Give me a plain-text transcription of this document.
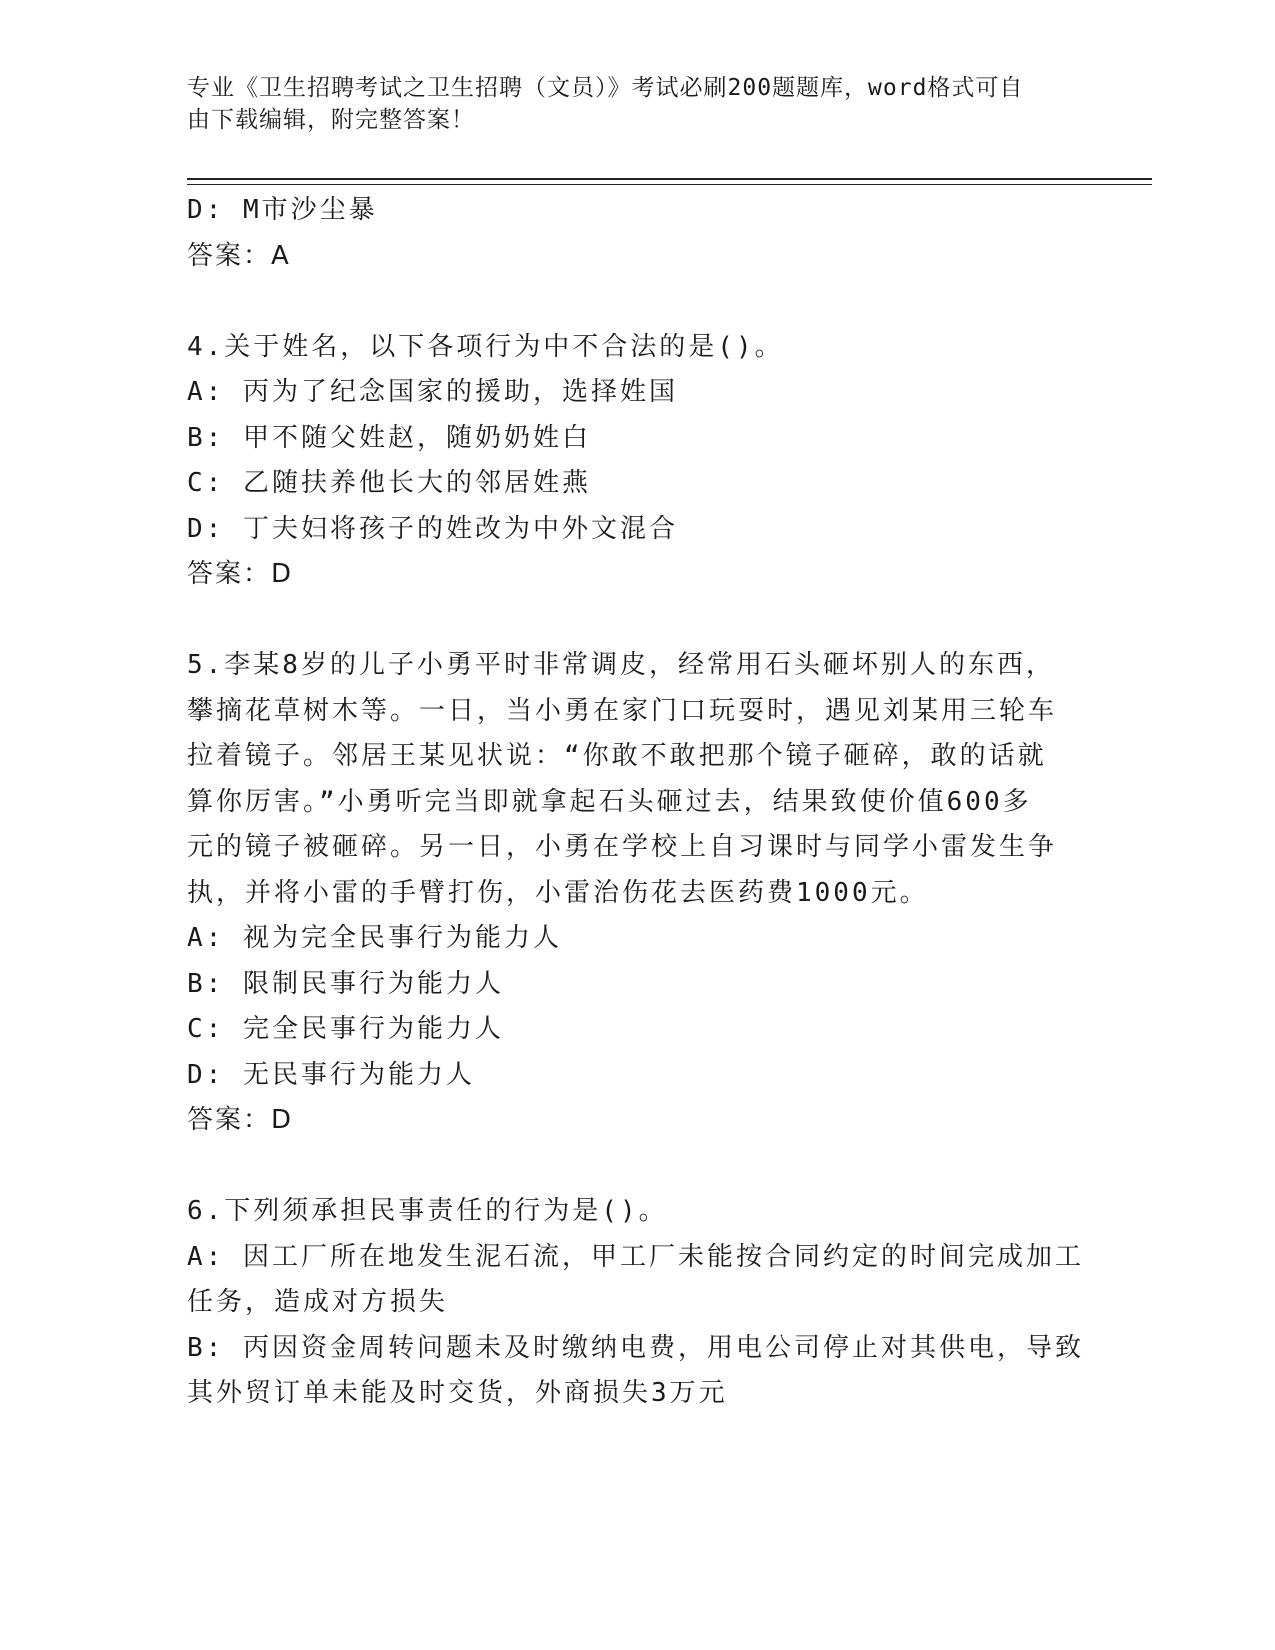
专业《卫生招聘考试之卫生招聘（文员）》考试必刷200题题库，word格式可自
由下载编辑，附完整答案！
D: M市沙尘暴
答案：A
4.关于姓名，以下各项行为中不合法的是()。
A: 丙为了纪念国家的援助，选择姓国
B: 甲不随父姓赵，随奶奶姓白
C: 乙随扶养他长大的邻居姓燕
D: 丁夫妇将孩子的姓改为中外文混合
答案：D
5.李某8岁的儿子小勇平时非常调皮，经常用石头砸坏别人的东西，
攀摘花草树木等。一日，当小勇在家门口玩耍时，遇见刘某用三轮车
拉着镜子。邻居王某见状说：“你敢不敢把那个镜子砸碎，敢的话就
算你厉害。”小勇听完当即就拿起石头砸过去，结果致使价值600多
元的镜子被砸碎。另一日，小勇在学校上自习课时与同学小雷发生争
执，并将小雷的手臂打伤，小雷治伤花去医药费1000元。
A: 视为完全民事行为能力人
B: 限制民事行为能力人
C: 完全民事行为能力人
D: 无民事行为能力人
答案：D
6.下列须承担民事责任的行为是()。
A: 因工厂所在地发生泥石流，甲工厂未能按合同约定的时间完成加工
任务，造成对方损失
B: 丙因资金周转问题未及时缴纳电费，用电公司停止对其供电，导致
其外贸订单未能及时交货，外商损失3万元
